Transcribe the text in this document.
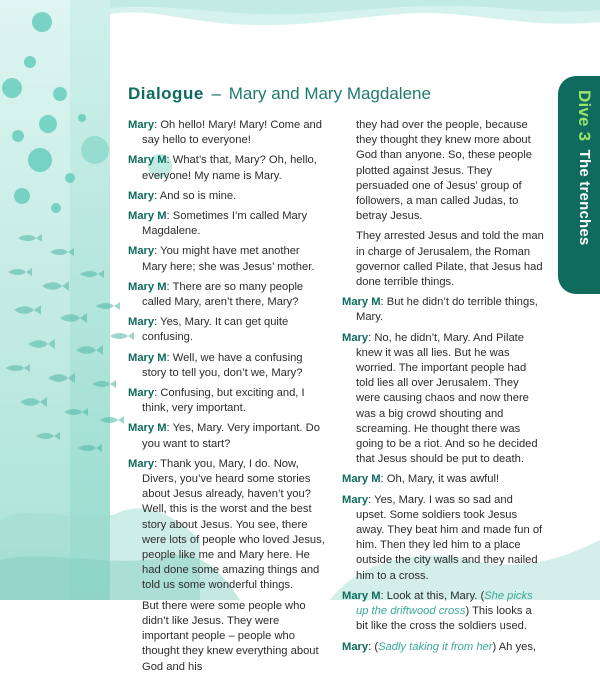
Dive 3 The trenches
Dialogue – Mary and Mary Magdalene

Mary: Oh hello! Mary! Mary! Come and say hello to everyone!

Mary M: What’s that, Mary? Oh, hello, everyone! My name is Mary.

Mary: And so is mine.

Mary M: Sometimes I’m called Mary Magdalene.

Mary: You might have met another Mary here; she was Jesus’ mother.

Mary M: There are so many people called Mary, aren’t there, Mary?

Mary: Yes, Mary. It can get quite confusing.

Mary M: Well, we have a confusing story to tell you, don’t we, Mary?

Mary: Confusing, but exciting and, I think, very important.

Mary M: Yes, Mary. Very important. Do you want to start?

Mary: Thank you, Mary, I do. Now, Divers, you’ve heard some stories about Jesus already, haven’t you? Well, this is the worst and the best story about Jesus. You see, there were lots of people who loved Jesus, people like me and Mary here. He had done some amazing things and told us some wonderful things.

But there were some people who didn’t like Jesus. They were important people – people who thought they knew everything about God and his

they had over the people, because they thought they knew more about God than anyone. So, these people plotted against Jesus. They persuaded one of Jesus’ group of followers, a man called Judas, to betray Jesus.

They arrested Jesus and told the man in charge of Jerusalem, the Roman governor called Pilate, that Jesus had done terrible things.

Mary M: But he didn’t do terrible things, Mary.

Mary: No, he didn’t, Mary. And Pilate knew it was all lies. But he was worried. The important people had told lies all over Jerusalem. They were causing chaos and now there was a big crowd shouting and screaming. He thought there was going to be a riot. And so he decided that Jesus should be put to death.

Mary M: Oh, Mary, it was awful!

Mary: Yes, Mary. I was so sad and upset. Some soldiers took Jesus away. They beat him and made fun of him. Then they led him to a place outside the city walls and they nailed him to a cross.

Mary M: Look at this, Mary. (She picks up the driftwood cross) This looks a bit like the cross the soldiers used.

Mary: (Sadly taking it from her) Ah yes,
